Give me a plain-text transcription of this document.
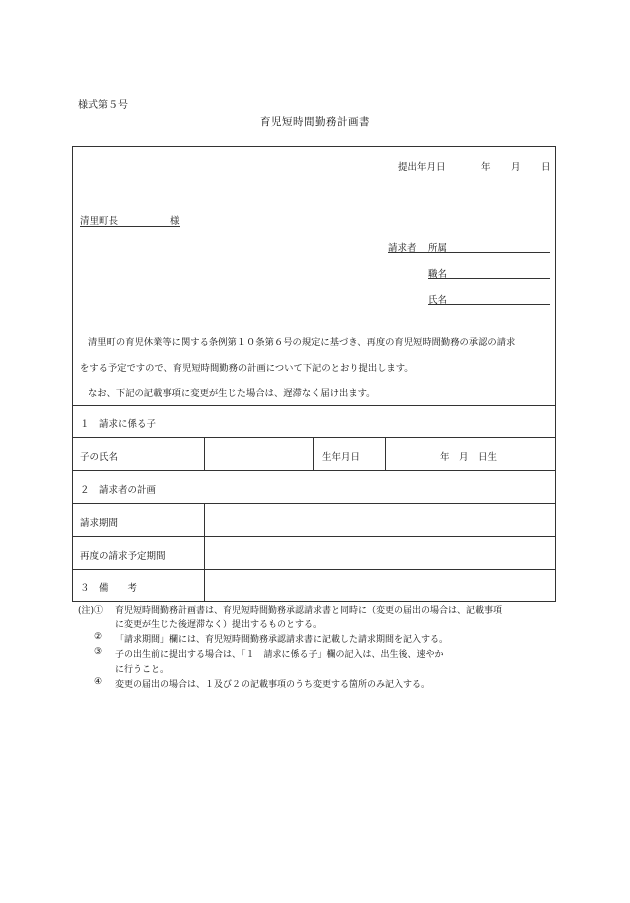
様式第５号
育児短時間勤務計画書
提出年月日	年 月 日
清里町長	様
請求者 所属
職名
氏名
清里町の育児休業等に関する条例第１０条第６号の規定に基づき、再度の育児短時間勤務の承認の請求
をする予定ですので、育児短時間勤務の計画について下記のとおり提出します。
なお、下記の記載事項に変更が生じた場合は、遅滞なく届け出ます。
１　請求に係る子
子の氏名	生年月日	年　月　日生
２　請求者の計画
請求期間
再度の請求予定期間
３　備　　考
(注)① 育児短時間勤務計画書は、育児短時間勤務承認請求書と同時に（変更の届出の場合は、記載事項
に変更が生じた後遅滞なく）提出するものとする。
② 「請求期間」欄には、育児短時間勤務承認請求書に記載した請求期間を記入する。
③ 子の出生前に提出する場合は、「１　請求に係る子」欄の記入は、出生後、速やか
に行うこと。
④ 変更の届出の場合は、１及び２の記載事項のうち変更する箇所のみ記入する。
